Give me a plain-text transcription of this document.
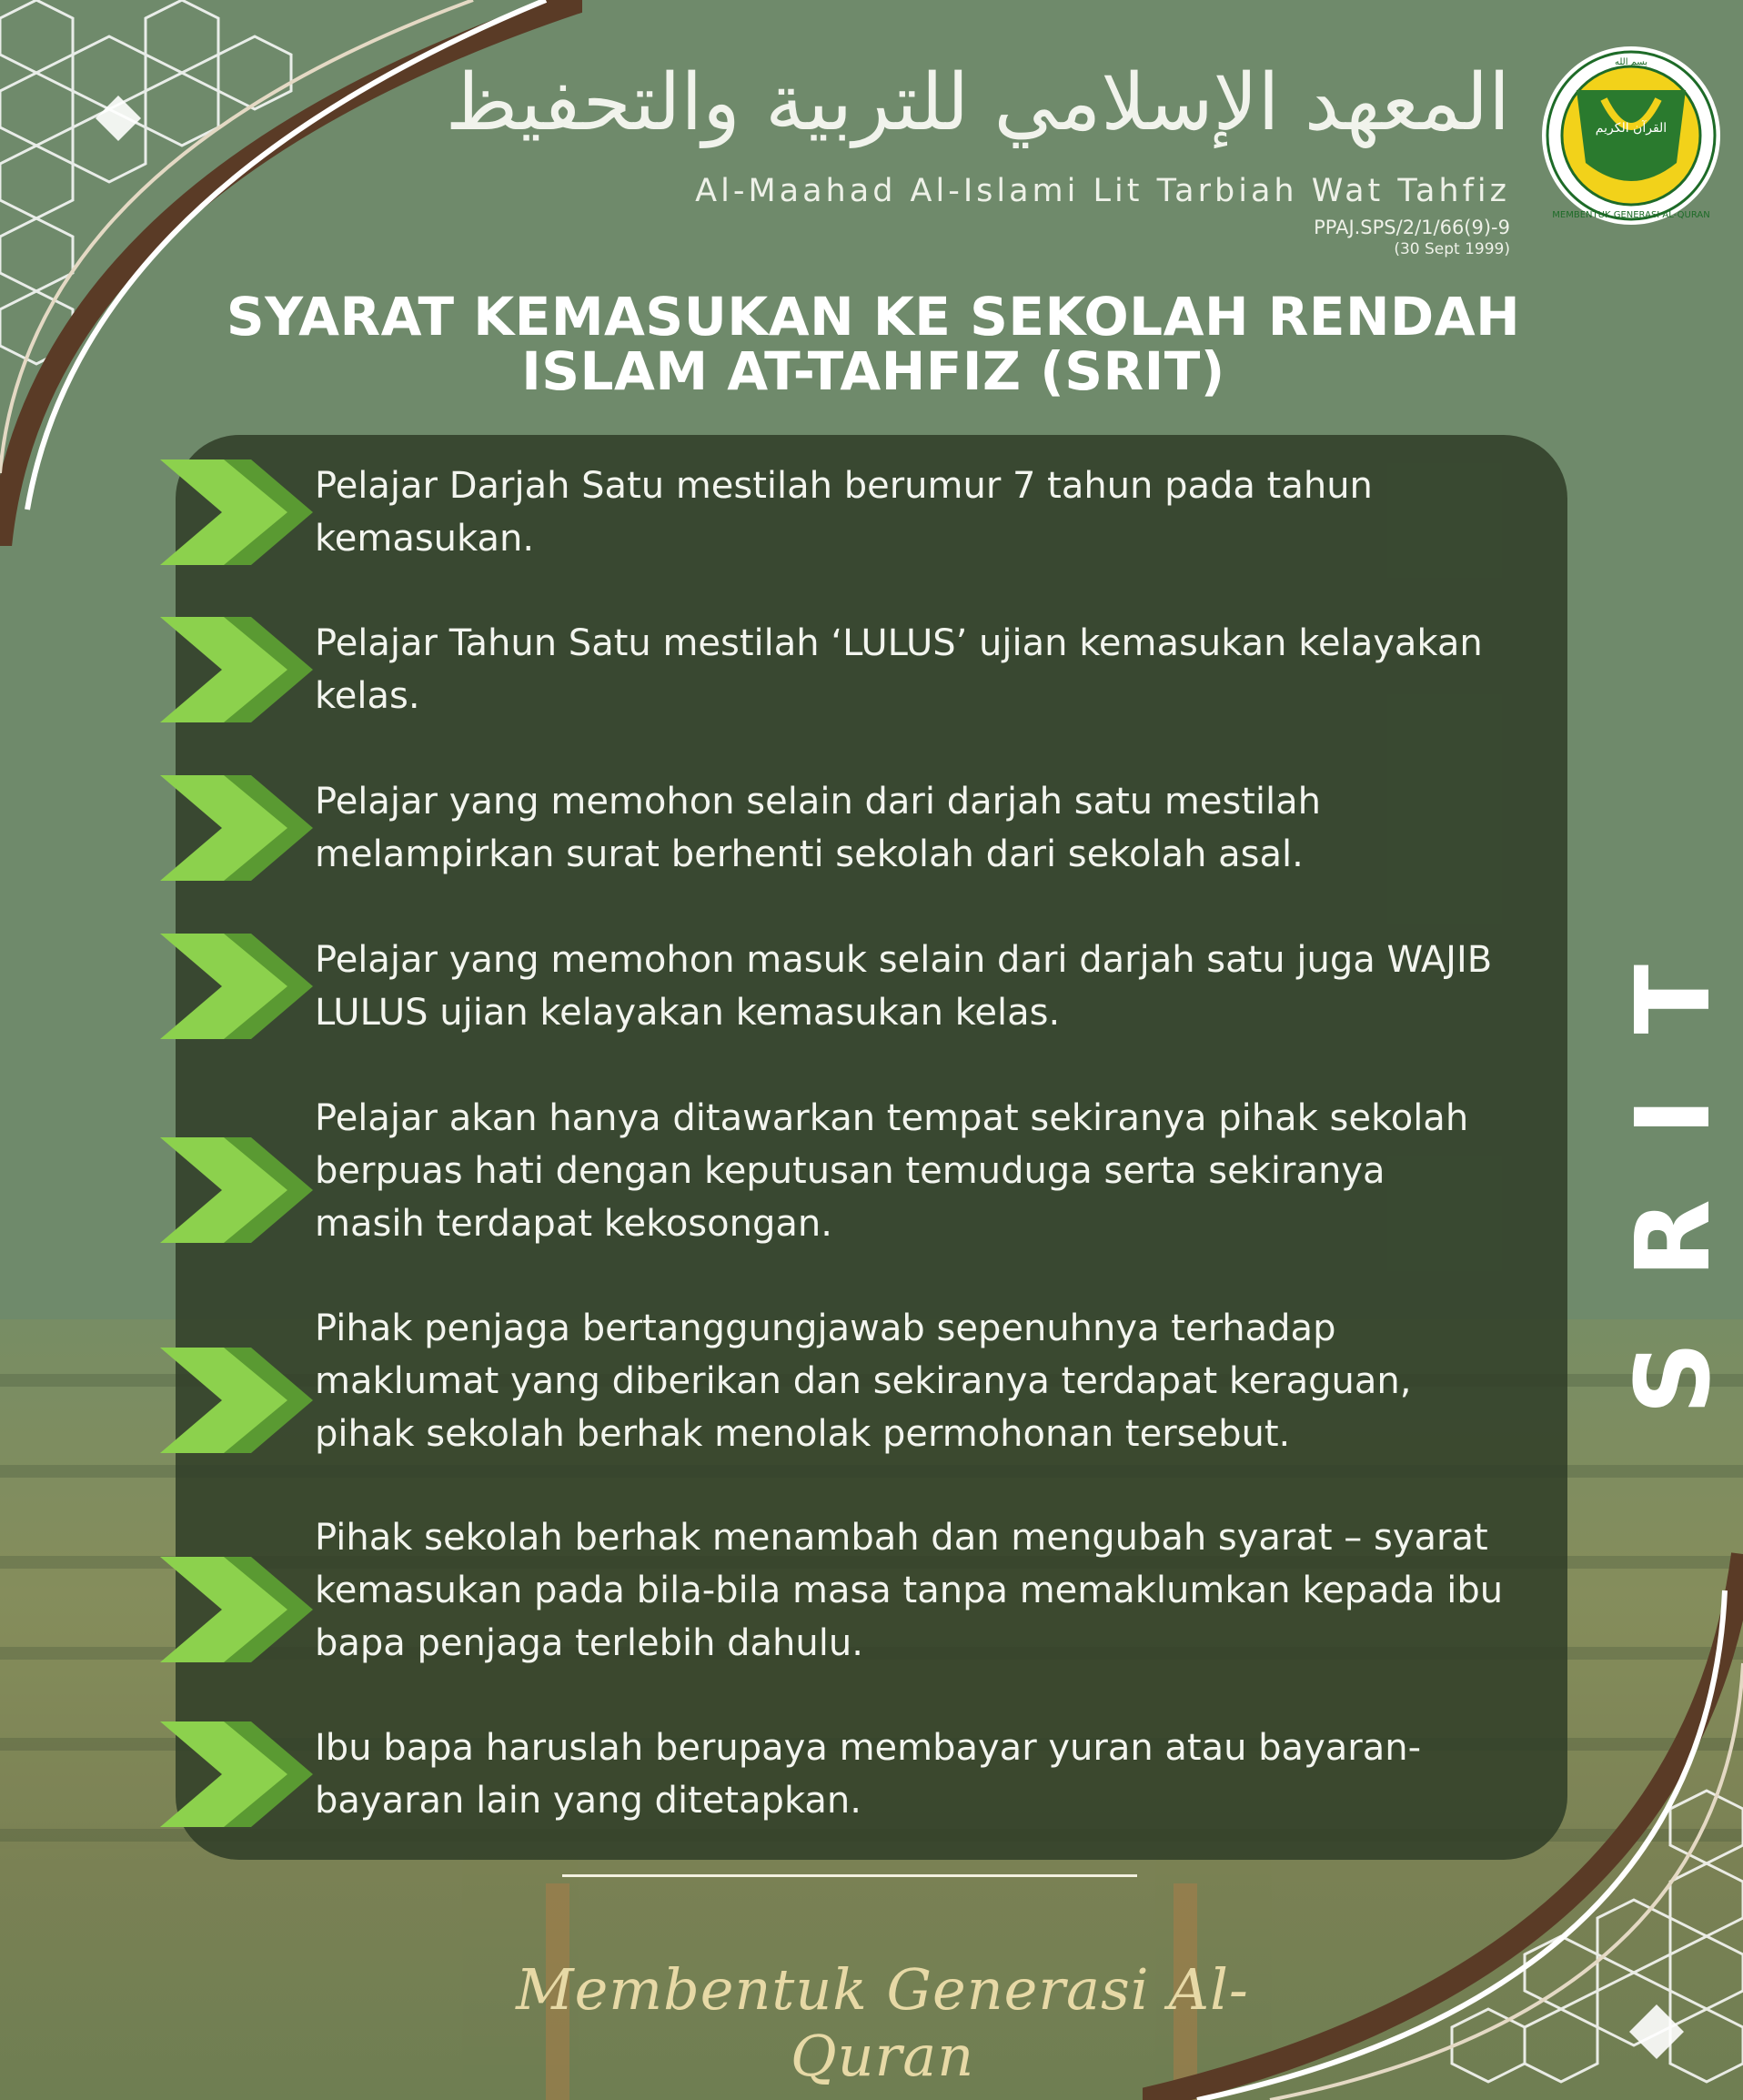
المعهد الإسلامي للتربية والتحفيظ
Al-Maahad Al-Islami Lit Tarbiah Wat Tahfiz
PPAJ.SPS/2/1/66(9)-9
(30 Sept 1999)
القرآن الكريم
بسم الله
MEMBENTUK GENERASI AL-QURAN
SYARAT KEMASUKAN KE SEKOLAH RENDAH
ISLAM AT-TAHFIZ (SRIT)
Pelajar Darjah Satu mestilah berumur 7 tahun pada tahun
kemasukan.
Pelajar Tahun Satu mestilah ‘LULUS’ ujian kemasukan kelayakan
kelas.
Pelajar yang memohon selain dari darjah satu mestilah
melampirkan surat berhenti sekolah dari sekolah asal.
Pelajar yang memohon masuk selain dari darjah satu juga WAJIB
LULUS ujian kelayakan kemasukan kelas.
Pelajar akan hanya ditawarkan tempat sekiranya pihak sekolah
berpuas hati dengan keputusan temuduga serta sekiranya
masih terdapat kekosongan.
Pihak penjaga bertanggungjawab sepenuhnya terhadap
maklumat yang diberikan dan sekiranya terdapat keraguan,
pihak sekolah berhak menolak permohonan tersebut.
Pihak sekolah berhak menambah dan mengubah syarat – syarat
kemasukan pada bila-bila masa tanpa memaklumkan kepada ibu
bapa penjaga terlebih dahulu.
Ibu bapa haruslah berupaya membayar yuran atau bayaran-
bayaran lain yang ditetapkan.
SRIT
Membentuk Generasi Al-Quran
